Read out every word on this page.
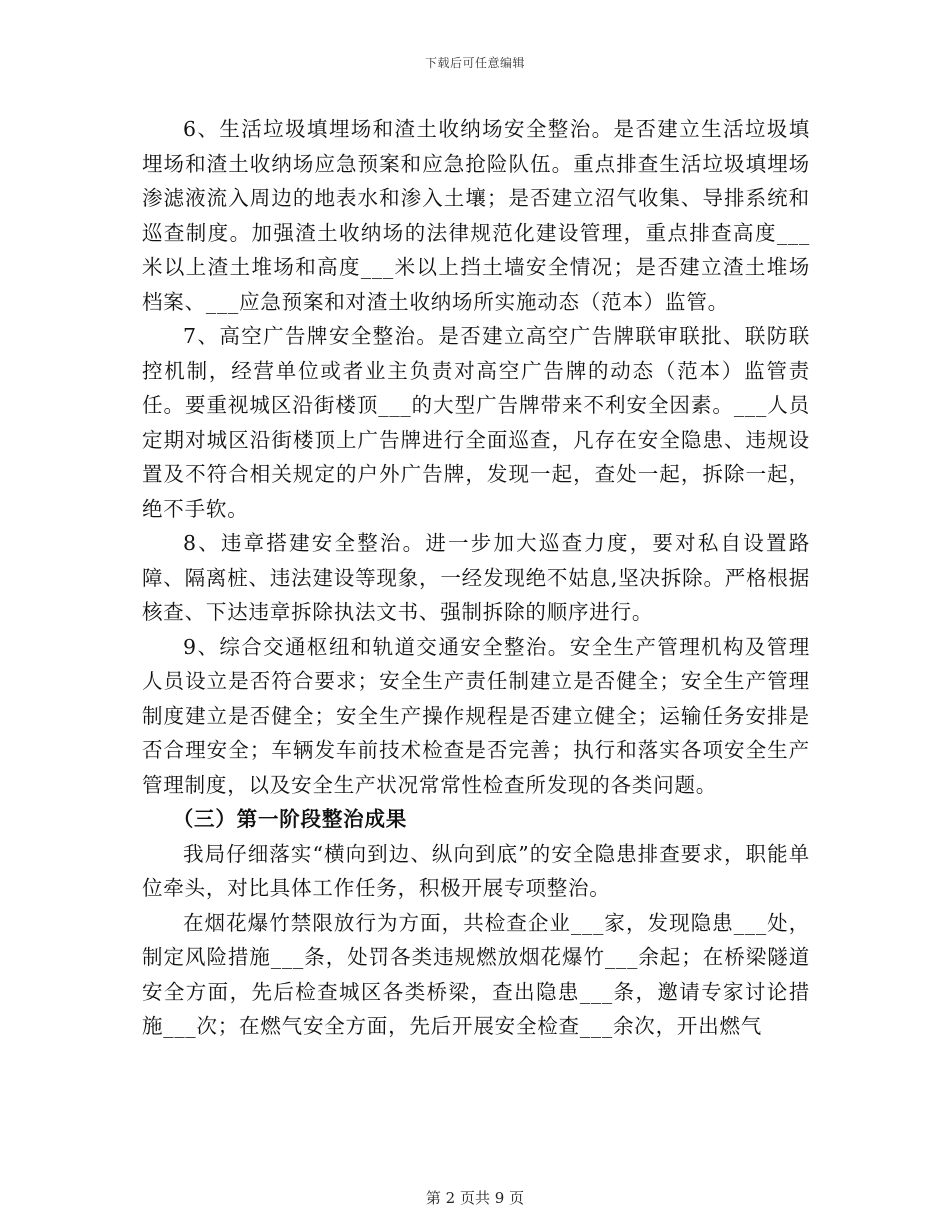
下载后可任意编辑

6、生活垃圾填埋场和渣土收纳场安全整治。是否建立生活垃圾填埋场和渣土收纳场应急预案和应急抢险队伍。重点排查生活垃圾填埋场渗滤液流入周边的地表水和渗入土壤；是否建立沼气收集、导排系统和巡查制度。加强渣土收纳场的法律规范化建设管理，重点排查高度___米以上渣土堆场和高度___米以上挡土墙安全情况；是否建立渣土堆场档案、___应急预案和对渣土收纳场所实施动态（范本）监管。

7、高空广告牌安全整治。是否建立高空广告牌联审联批、联防联控机制，经营单位或者业主负责对高空广告牌的动态（范本）监管责任。要重视城区沿街楼顶___的大型广告牌带来不利安全因素。___人员定期对城区沿街楼顶上广告牌进行全面巡查，凡存在安全隐患、违规设置及不符合相关规定的户外广告牌，发现一起，查处一起，拆除一起，绝不手软。

8、违章搭建安全整治。进一步加大巡查力度，要对私自设置路障、隔离桩、违法建设等现象，一经发现绝不姑息,坚决拆除。严格根据核查、下达违章拆除执法文书、强制拆除的顺序进行。

9、综合交通枢纽和轨道交通安全整治。安全生产管理机构及管理人员设立是否符合要求；安全生产责任制建立是否健全；安全生产管理制度建立是否健全；安全生产操作规程是否建立健全；运输任务安排是否合理安全；车辆发车前技术检查是否完善；执行和落实各项安全生产管理制度，以及安全生产状况常常性检查所发现的各类问题。

（三）第一阶段整治成果

我局仔细落实“横向到边、纵向到底”的安全隐患排查要求，职能单位牵头，对比具体工作任务，积极开展专项整治。

在烟花爆竹禁限放行为方面，共检查企业___家，发现隐患___处，制定风险措施___条，处罚各类违规燃放烟花爆竹___余起；在桥梁隧道安全方面，先后检查城区各类桥梁，查出隐患___条，邀请专家讨论措施___次；在燃气安全方面，先后开展安全检查___余次，开出燃气

第 2 页共 9 页
